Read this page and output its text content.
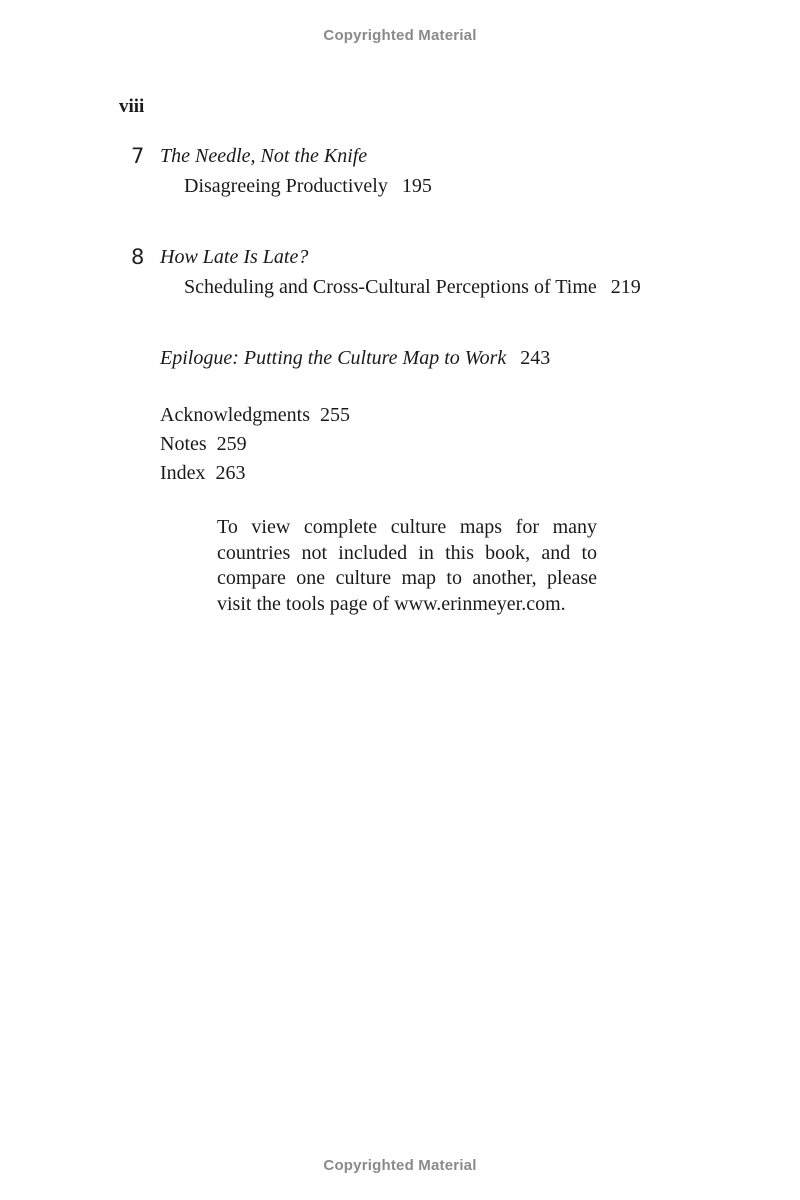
Copyrighted Material
viii
7 The Needle, Not the Knife
Disagreeing Productively 195
8 How Late Is Late?
Scheduling and Cross-Cultural Perceptions of Time 219
Epilogue: Putting the Culture Map to Work 243
Acknowledgments 255
Notes 259
Index 263
To view complete culture maps for many countries not included in this book, and to compare one culture map to another, please visit the tools page of www.erinmeyer.com.
Copyrighted Material
